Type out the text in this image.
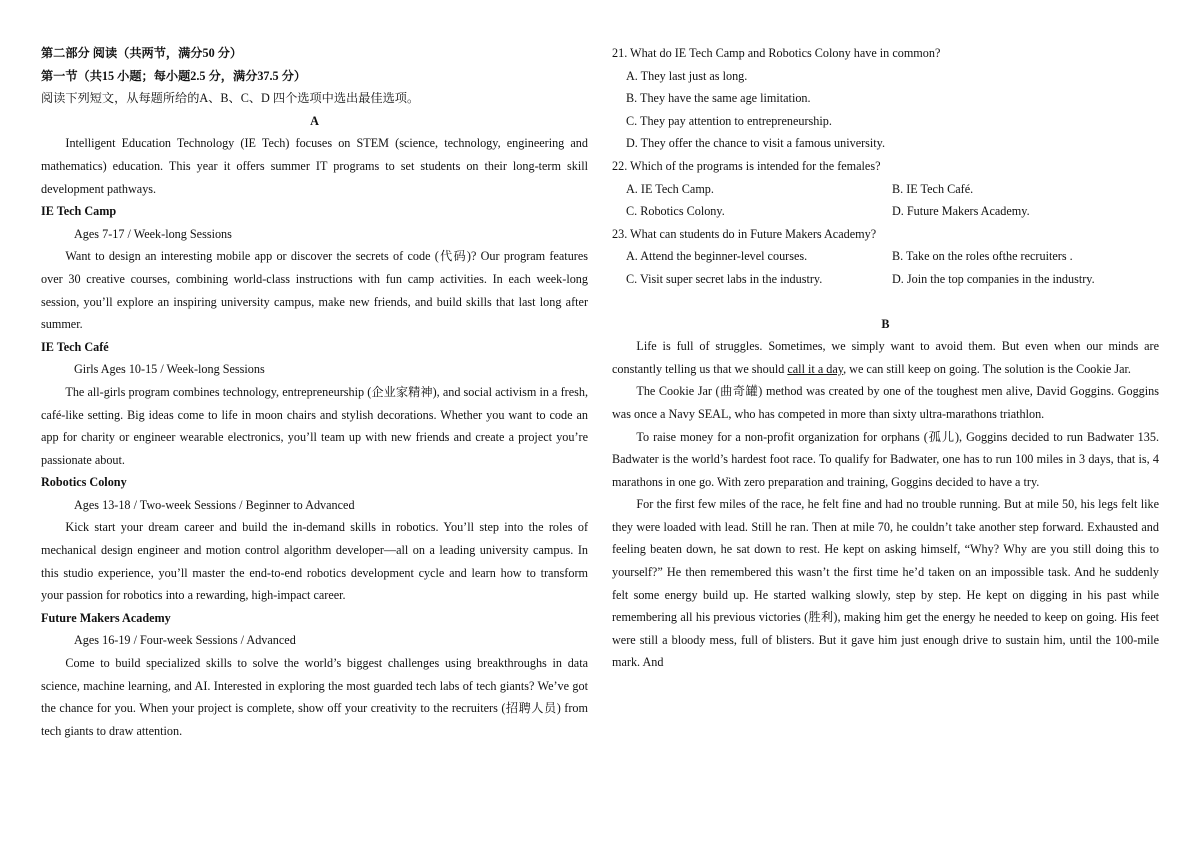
第二部分 阅读（共两节，满分50 分）

第一节（共15 小题；每小题2.5 分，满分37.5 分）

阅读下列短文，从每题所给的A、B、C、D 四个选项中选出最佳选项。

A

Intelligent Education Technology (IE Tech) focuses on STEM (science, technology, engineering and mathematics) education. This year it offers summer IT programs to set students on their long-term skill development pathways.

IE Tech Camp

Ages 7-17 / Week-long Sessions

Want to design an interesting mobile app or discover the secrets of code (代码)? Our program features over 30 creative courses, combining world-class instructions with fun camp activities. In each week-long session, you’ll explore an inspiring university campus, make new friends, and build skills that last long after summer.

IE Tech Café

Girls Ages 10-15 / Week-long Sessions

The all-girls program combines technology, entrepreneurship (企业家精神), and social activism in a fresh, café-like setting. Big ideas come to life in moon chairs and stylish decorations. Whether you want to code an app for charity or engineer wearable electronics, you’ll team up with new friends and create a project you’re passionate about.

Robotics Colony

Ages 13-18 / Two-week Sessions / Beginner to Advanced

Kick start your dream career and build the in-demand skills in robotics. You’ll step into the roles of mechanical design engineer and motion control algorithm developer—all on a leading university campus. In this studio experience, you’ll master the end-to-end robotics development cycle and learn how to transform your passion for robotics into a rewarding, high-impact career.

Future Makers Academy

Ages 16-19 / Four-week Sessions / Advanced

Come to build specialized skills to solve the world’s biggest challenges using breakthroughs in data science, machine learning, and AI. Interested in exploring the most guarded tech labs of tech giants? We’ve got the chance for you. When your project is complete, show off your creativity to the recruiters (招聘人员) from tech giants to draw attention.

21. What do IE Tech Camp and Robotics Colony have in common?

A. They last just as long.

B. They have the same age limitation.

C. They pay attention to entrepreneurship.

D. They offer the chance to visit a famous university.

22. Which of the programs is intended for the females?

A. IE Tech Camp.	B. IE Tech Café.
C. Robotics Colony.	D. Future Makers Academy.

23. What can students do in Future Makers Academy?

A. Attend the beginner-level courses.	B. Take on the roles ofthe recruiters .
C. Visit super secret labs in the industry.	D. Join the top companies in the industry.

B

Life is full of struggles. Sometimes, we simply want to avoid them. But even when our minds are constantly telling us that we should call it a day, we can still keep on going. The solution is the Cookie Jar.

The Cookie Jar (曲奇罐) method was created by one of the toughest men alive, David Goggins. Goggins was once a Navy SEAL, who has competed in more than sixty ultra-marathons triathlon.

To raise money for a non-profit organization for orphans (孤儿), Goggins decided to run Badwater 135. Badwater is the world’s hardest foot race. To qualify for Badwater, one has to run 100 miles in 3 days, that is, 4 marathons in one go. With zero preparation and training, Goggins decided to have a try.

For the first few miles of the race, he felt fine and had no trouble running. But at mile 50, his legs felt like they were loaded with lead. Still he ran. Then at mile 70, he couldn’t take another step forward. Exhausted and feeling beaten down, he sat down to rest. He kept on asking himself, “Why? Why are you still doing this to yourself?” He then remembered this wasn’t the first time he’d taken on an impossible task. And he suddenly felt some energy build up. He started walking slowly, step by step. He kept on digging in his past while remembering all his previous victories (胜利), making him get the energy he needed to keep on going. His feet were still a bloody mess, full of blisters. But it gave him just enough drive to sustain him, until the 100-mile mark. And
